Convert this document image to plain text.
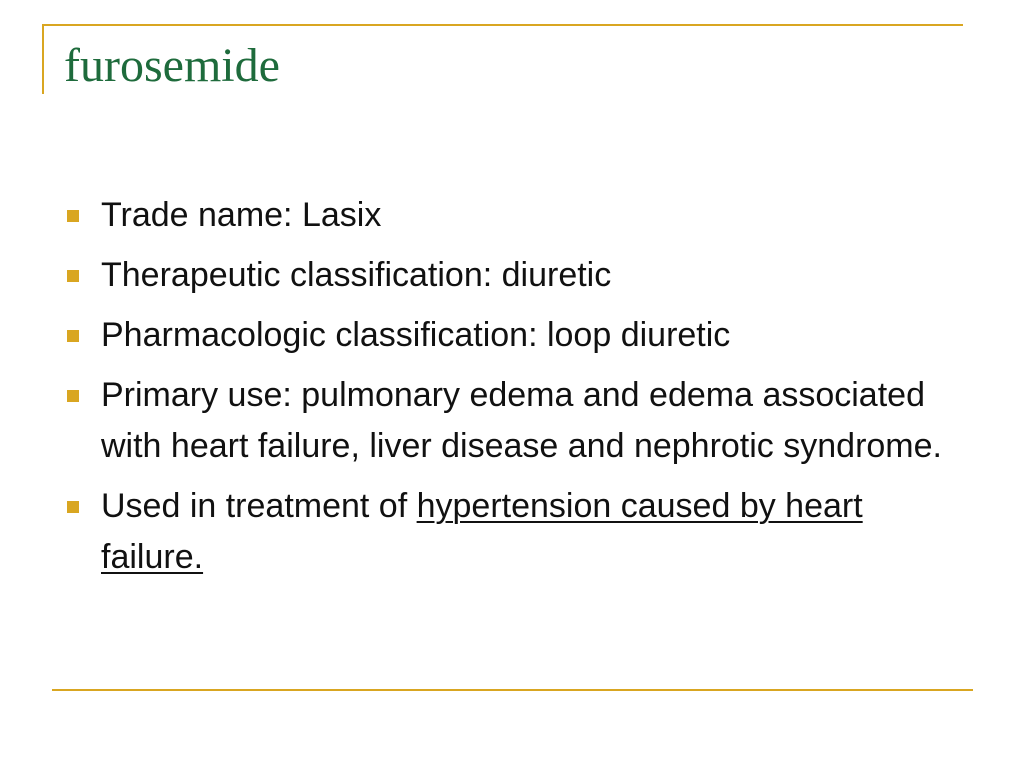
furosemide
Trade name: Lasix
Therapeutic classification: diuretic
Pharmacologic classification: loop diuretic
Primary use: pulmonary edema and edema associated with heart failure, liver disease and nephrotic syndrome.
Used in treatment of hypertension caused by heart failure.
